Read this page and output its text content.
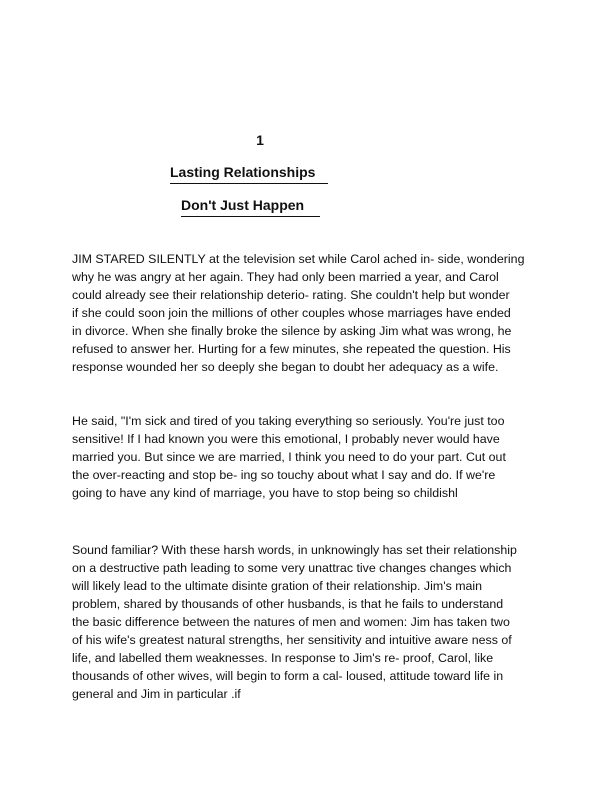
1
Lasting Relationships
Don't Just Happen
JIM STARED SILENTLY at the television set while Carol ached in- side, wondering
why he was angry at her again. They had only been married a year, and Carol
could already see their relationship deterio- rating. She couldn't help but wonder
if she could soon join the millions of other couples whose marriages have ended
in divorce. When she finally broke the silence by asking Jim what was wrong, he
refused to answer her. Hurting for a few minutes, she repeated the question. His
response wounded her so deeply she began to doubt her adequacy as a wife.
He said, "I'm sick and tired of you taking everything so seriously. You're just too
sensitive! If I had known you were this emotional, I probably never would have
married you. But since we are married, I think you need to do your part. Cut out
the over-reacting and stop be- ing so touchy about what I say and do. If we're
going to have any kind of marriage, you have to stop being so childishl
Sound familiar? With these harsh words, in unknowingly has set their relationship
on a destructive path leading to some very unattrac tive changes changes which
will likely lead to the ultimate disinte gration of their relationship. Jim's main
problem, shared by thousands of other husbands, is that he fails to understand
the basic difference between the natures of men and women: Jim has taken two
of his wife's greatest natural strengths, her sensitivity and intuitive aware ness of
life, and labelled them weaknesses. In response to Jim's re- proof, Carol, like
thousands of other wives, will begin to form a cal- loused, attitude toward life in
general and Jim in particular .if
